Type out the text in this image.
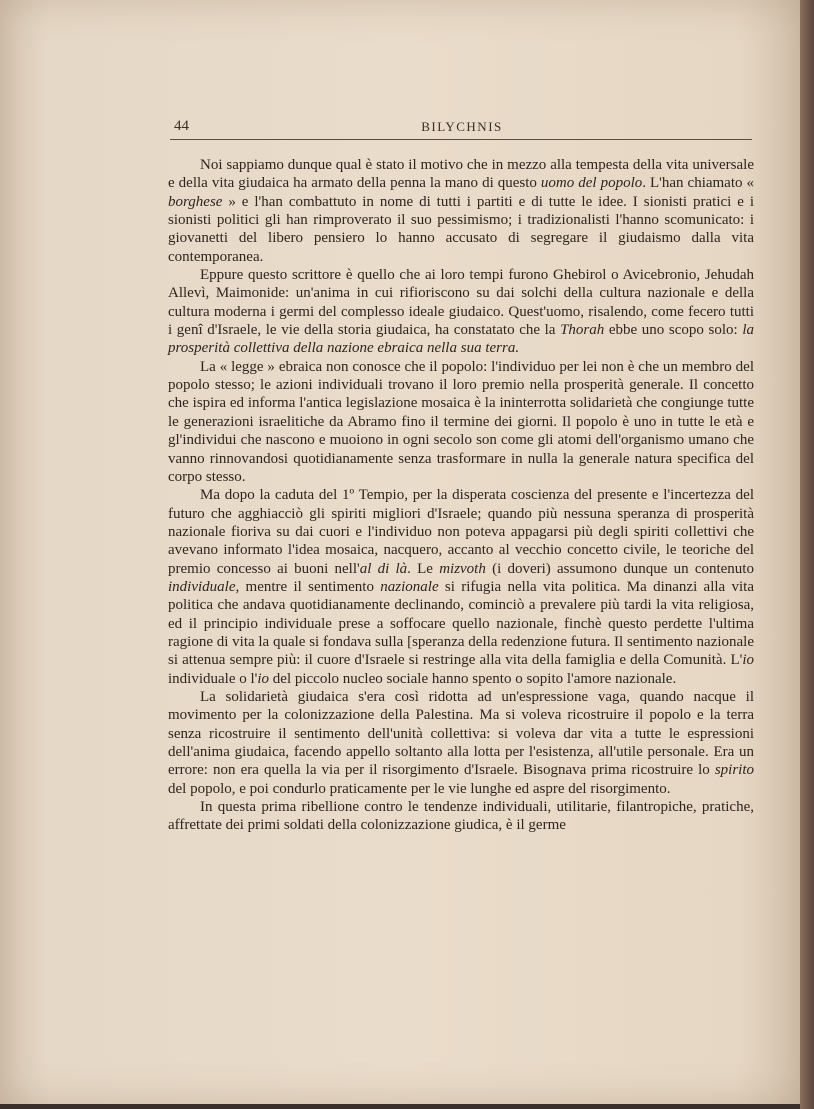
44	BILYCHNIS

Noi sappiamo dunque qual è stato il motivo che in mezzo alla tempesta della vita universale e della vita giudaica ha armato della penna la mano di questo uomo del popolo. L'han chiamato « borghese » e l'han combattuto in nome di tutti i partiti e di tutte le idee. I sionisti pratici e i sionisti politici gli han rimproverato il suo pessimismo; i tradizionalisti l'hanno scomunicato: i giovanetti del libero pensiero lo hanno accusato di segregare il giudaismo dalla vita contemporanea.

Eppure questo scrittore è quello che ai loro tempi furono Ghebirol o Avicebronio, Jehudah Allevì, Maimonide: un'anima in cui rifioriscono su dai solchi della cultura nazionale e della cultura moderna i germi del complesso ideale giudaico. Quest'uomo, risalendo, come fecero tutti i genî d'Israele, le vie della storia giudaica, ha constatato che la Thorah ebbe uno scopo solo: la prosperità collettiva della nazione ebraica nella sua terra.

La « legge » ebraica non conosce che il popolo: l'individuo per lei non è che un membro del popolo stesso; le azioni individuali trovano il loro premio nella prosperità generale. Il concetto che ispira ed informa l'antica legislazione mosaica è la ininterrotta solidarietà che congiunge tutte le generazioni israelitiche da Abramo fino il termine dei giorni. Il popolo è uno in tutte le età e gl'individui che nascono e muoiono in ogni secolo son come gli atomi dell'organismo umano che vanno rinnovandosi quotidianamente senza trasformare in nulla la generale natura specifica del corpo stesso.

Ma dopo la caduta del 1º Tempio, per la disperata coscienza del presente e l'incertezza del futuro che agghiacciò gli spiriti migliori d'Israele; quando più nessuna speranza di prosperità nazionale fioriva su dai cuori e l'individuo non poteva appagarsi più degli spiriti collettivi che avevano informato l'idea mosaica, nacquero, accanto al vecchio concetto civile, le teoriche del premio concesso ai buoni nell'al di là. Le mizvoth (i doveri) assumono dunque un contenuto individuale, mentre il sentimento nazionale si rifugia nella vita politica. Ma dinanzi alla vita politica che andava quotidianamente declinando, cominciò a prevalere più tardi la vita religiosa, ed il principio individuale prese a soffocare quello nazionale, finchè questo perdette l'ultima ragione di vita la quale si fondava sulla [speranza della redenzione futura. Il sentimento nazionale si attenua sempre più: il cuore d'Israele si restringe alla vita della famiglia e della Comunità. L'io individuale o l'io del piccolo nucleo sociale hanno spento o sopito l'amore nazionale.

La solidarietà giudaica s'era così ridotta ad un'espressione vaga, quando nacque il movimento per la colonizzazione della Palestina. Ma si voleva ricostruire il popolo e la terra senza ricostruire il sentimento dell'unità collettiva: si voleva dar vita a tutte le espressioni dell'anima giudaica, facendo appello soltanto alla lotta per l'esistenza, all'utile personale. Era un errore: non era quella la via per il risorgimento d'Israele. Bisognava prima ricostruire lo spirito del popolo, e poi condurlo praticamente per le vie lunghe ed aspre del risorgimento.

In questa prima ribellione contro le tendenze individuali, utilitarie, filantropiche, pratiche, affrettate dei primi soldati della colonizzazione giudica, è il germe
